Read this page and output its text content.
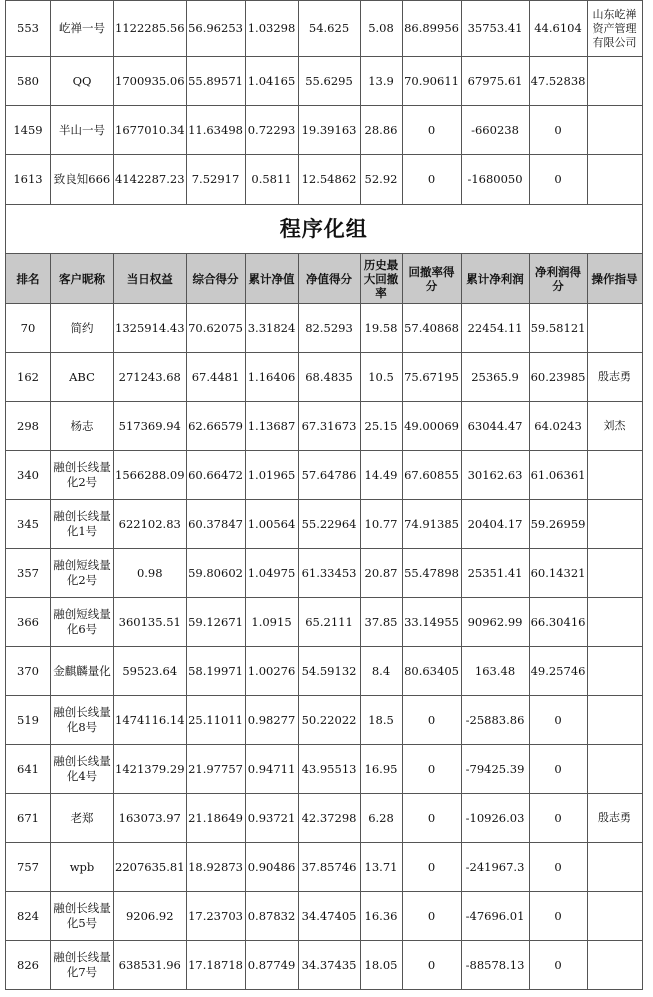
553	屹禅一号	1122285.56	56.96253	1.03298	54.625	5.08	86.89956	35753.41	44.6104	山东屹禅资产管理有限公司
580	QQ	1700935.06	55.89571	1.04165	55.6295	13.9	70.90611	67975.61	47.52838	
1459	半山一号	1677010.34	11.63498	0.72293	19.39163	28.86	0	-660238	0	
1613	致良知666	4142287.23	7.52917	0.5811	12.54862	52.92	0	-1680050	0	
程序化组										
排名	客户昵称	当日权益	综合得分	累计净值	净值得分	历史最大回撤率	回撤率得分	累计净利润	净利润得分	操作指导
70	简约	1325914.43	70.62075	3.31824	82.5293	19.58	57.40868	22454.11	59.58121	
162	ABC	271243.68	67.4481	1.16406	68.4835	10.5	75.67195	25365.9	60.23985	殷志勇
298	杨志	517369.94	62.66579	1.13687	67.31673	25.15	49.00069	63044.47	64.0243	刘杰
340	融创长线量化2号	1566288.09	60.66472	1.01965	57.64786	14.49	67.60855	30162.63	61.06361	
345	融创长线量化1号	622102.83	60.37847	1.00564	55.22964	10.77	74.91385	20404.17	59.26959	
357	融创短线量化2号	0.98	59.80602	1.04975	61.33453	20.87	55.47898	25351.41	60.14321	
366	融创短线量化6号	360135.51	59.12671	1.0915	65.2111	37.85	33.14955	90962.99	66.30416	
370	金麒麟量化	59523.64	58.19971	1.00276	54.59132	8.4	80.63405	163.48	49.25746	
519	融创长线量化8号	1474116.14	25.11011	0.98277	50.22022	18.5	0	-25883.86	0	
641	融创长线量化4号	1421379.29	21.97757	0.94711	43.95513	16.95	0	-79425.39	0	
671	老郑	163073.97	21.18649	0.93721	42.37298	6.28	0	-10926.03	0	殷志勇
757	wpb	2207635.81	18.92873	0.90486	37.85746	13.71	0	-241967.3	0	
824	融创长线量化5号	9206.92	17.23703	0.87832	34.47405	16.36	0	-47696.01	0	
826	融创长线量化7号	638531.96	17.18718	0.87749	34.37435	18.05	0	-88578.13	0	
